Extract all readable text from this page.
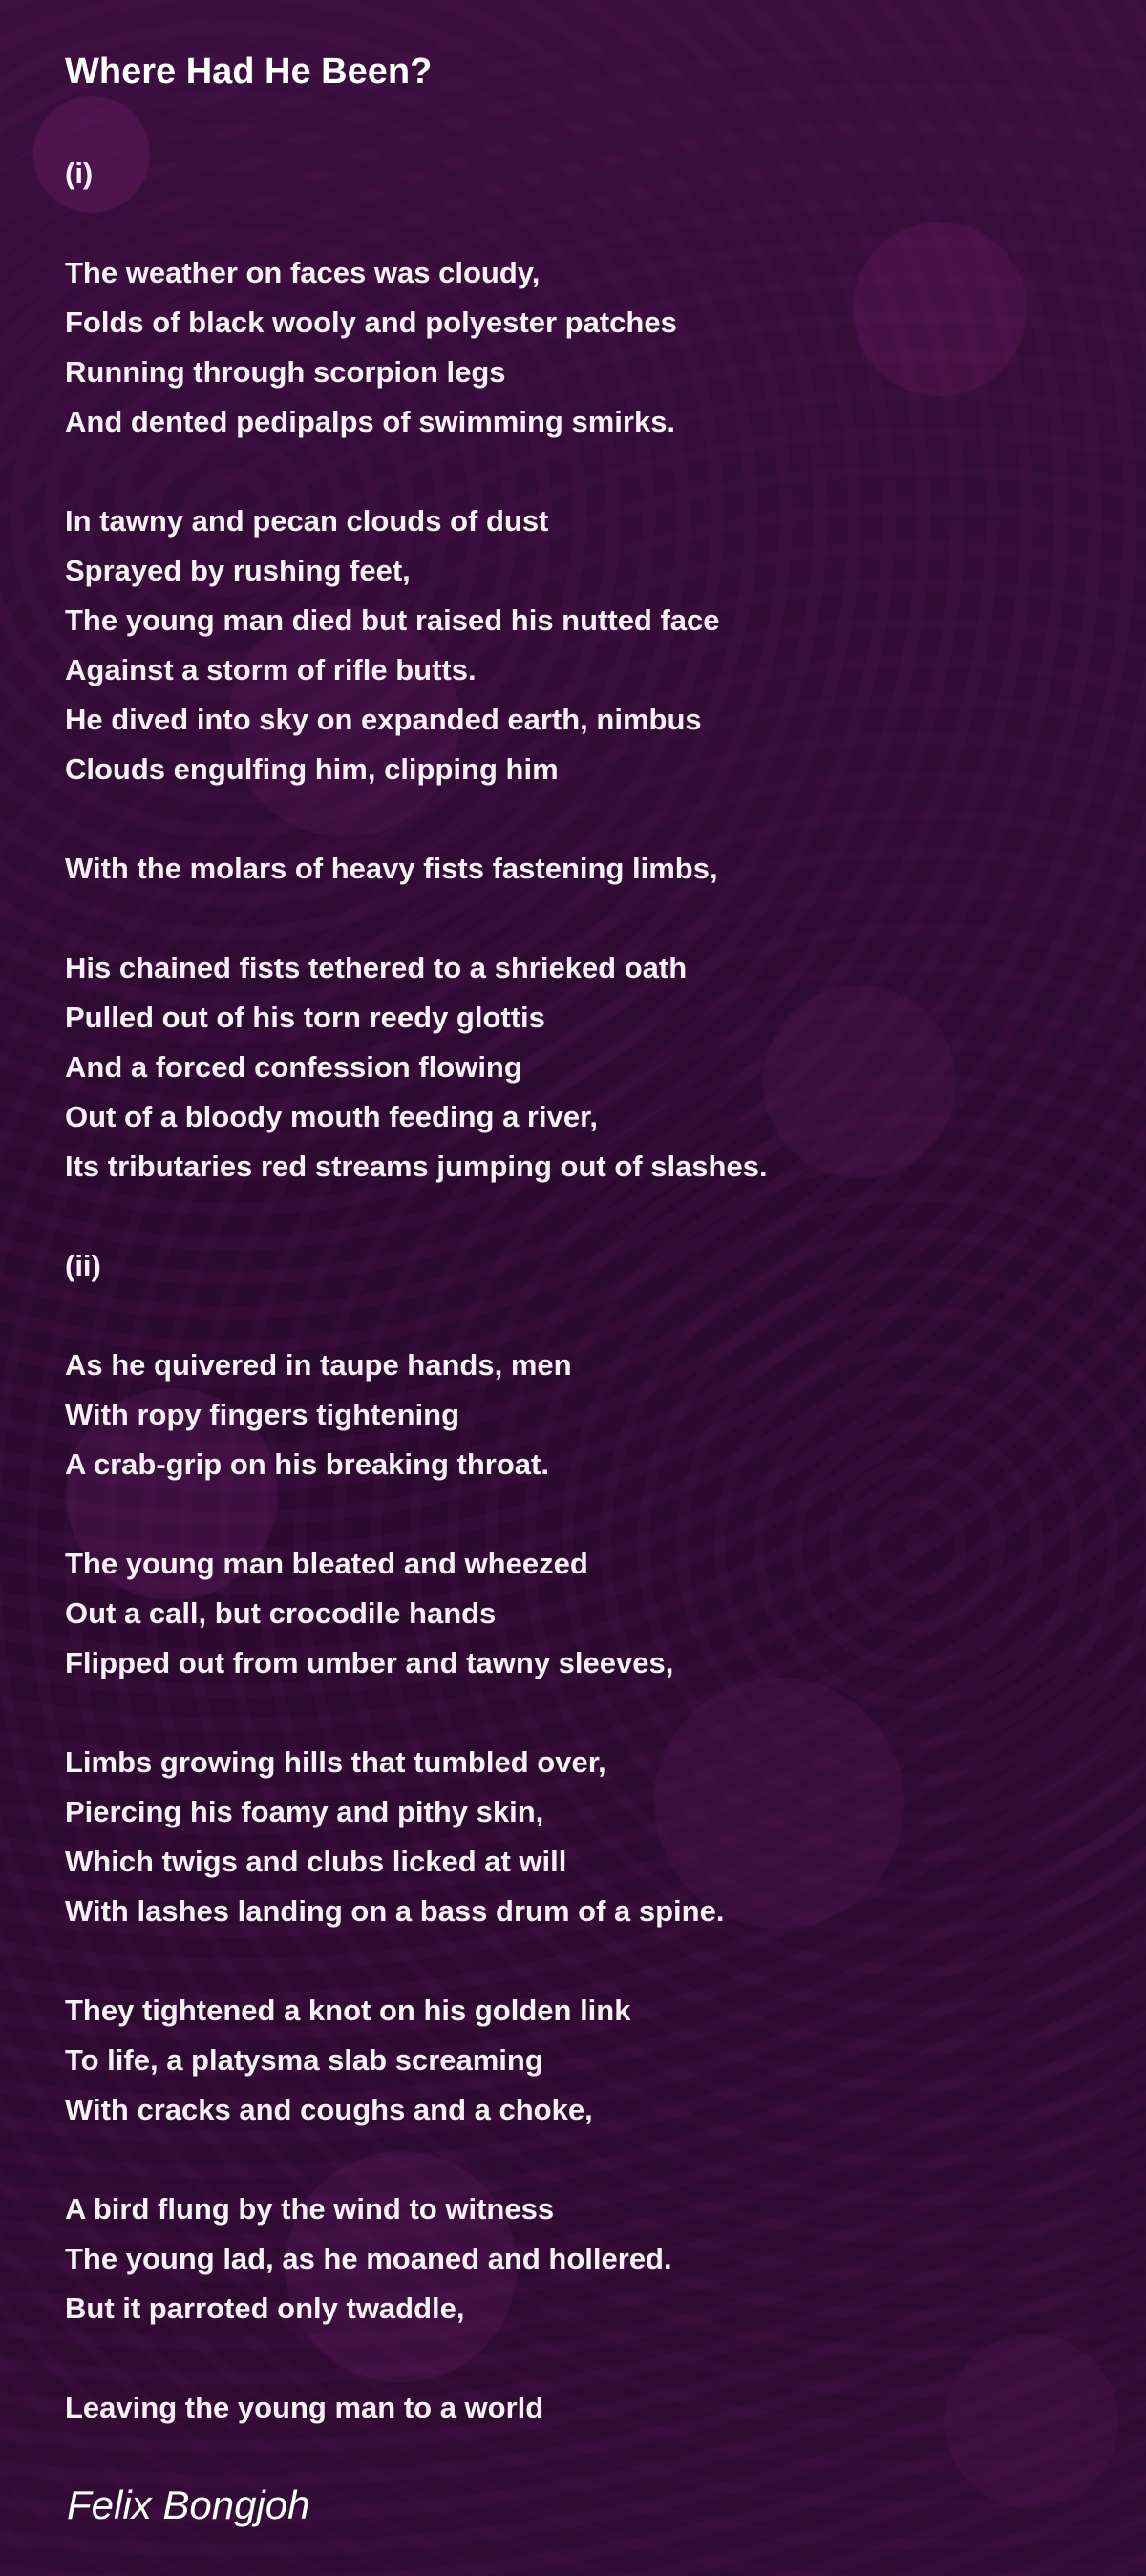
Where Had He Been?
(i)
The weather on faces was cloudy,
Folds of black wooly and polyester patches
Running through scorpion legs
And dented pedipalps of swimming smirks.
In tawny and pecan clouds of dust
Sprayed by rushing feet,
The young man died but raised his nutted face
Against a storm of rifle butts.
He dived into sky on expanded earth, nimbus
Clouds engulfing him, clipping him
With the molars of heavy fists fastening limbs,
His chained fists tethered to a shrieked oath
Pulled out of his torn reedy glottis
And a forced confession flowing
Out of a bloody mouth feeding a river,
Its tributaries red streams jumping out of slashes.
(ii)
As he quivered in taupe hands, men
With ropy fingers tightening
A crab-grip on his breaking throat.
The young man bleated and wheezed
Out a call, but crocodile hands
Flipped out from umber and tawny sleeves,
Limbs growing hills that tumbled over,
Piercing his foamy and pithy skin,
Which twigs and clubs licked at will
With lashes landing on a bass drum of a spine.
They tightened a knot on his golden link
To life, a platysma slab screaming
With cracks and coughs and a choke,
A bird flung by the wind to witness
The young lad, as he moaned and hollered.
But it parroted only twaddle,
Leaving the young man to a world
Felix Bongjoh
